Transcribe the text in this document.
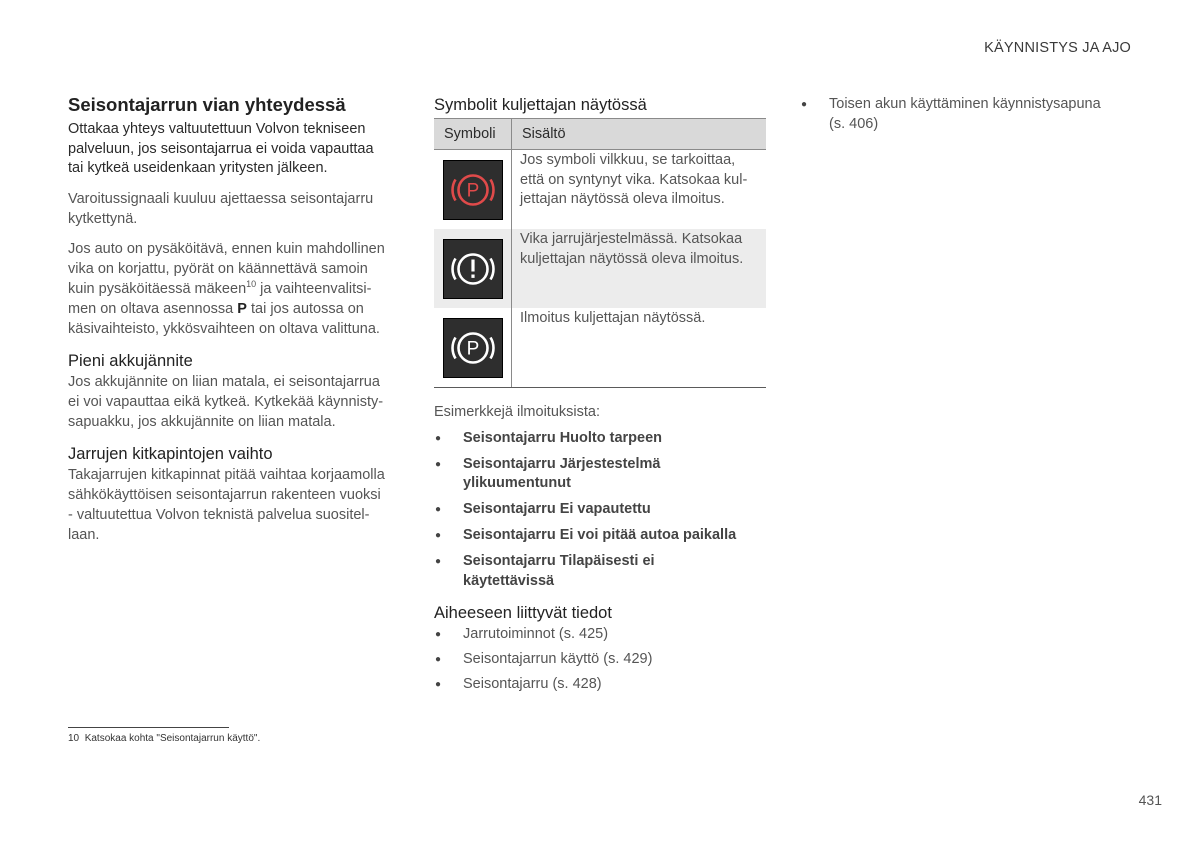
KÄYNNISTYS JA AJO
Seisontajarrun vian yhteydessä

Ottakaa yhteys valtuutettuun Volvon tekniseen
palveluun, jos seisontajarrua ei voida vapauttaa
tai kytkeä useidenkaan yritysten jälkeen.

Varoitussignaali kuuluu ajettaessa seisontajarru
kytkettynä.

Jos auto on pysäköitävä, ennen kuin mahdollinen
vika on korjattu, pyörät on käännettävä samoin
kuin pysäköitäessä mäkeen$^{10}$ ja vaihteenvalitsi-
men on oltava asennossa P tai jos autossa on
käsivaihteisto, ykkösvaihteen on oltava valittuna.

Pieni akkujännite

Jos akkujännite on liian matala, ei seisontajarrua
ei voi vapauttaa eikä kytkeä. Kytkekää käynnisty-
sapuakku, jos akkujännite on liian matala.

Jarrujen kitkapintojen vaihto

Takajarrujen kitkapinnat pitää vaihtaa korjaamolla
sähkökäyttöisen seisontajarrun rakenteen vuoksi
- valtuutettua Volvon teknistä palvelua suositel-
laan.

10 Katsokaa kohta "Seisontajarrun käyttö".
Symbolit kuljettajan näytössä
Symboli	Sisältö

P	Jos symboli vilkkuu, se tarkoittaa,
että on syntynyt vika. Katsokaa kul-
jettajan näytössä oleva ilmoitus.

	Vika jarrujärjestelmässä. Katsokaa
kuljettajan näytössä oleva ilmoitus.

P	Ilmoitus kuljettajan näytössä.

Esimerkkejä ilmoituksista:

● Seisontajarru Huolto tarpeen
● Seisontajarru Järjestestelmä
ylikuumentunut
● Seisontajarru Ei vapautettu
● Seisontajarru Ei voi pitää autoa paikalla
● Seisontajarru Tilapäisesti ei
käytettävissä
Aiheeseen liittyvät tiedot
● Jarrutoiminnot (s. 425)
● Seisontajarrun käyttö (s. 429)
● Seisontajarru (s. 428)
● Toisen akun käyttäminen käynnistysapuna
(s. 406)
431
